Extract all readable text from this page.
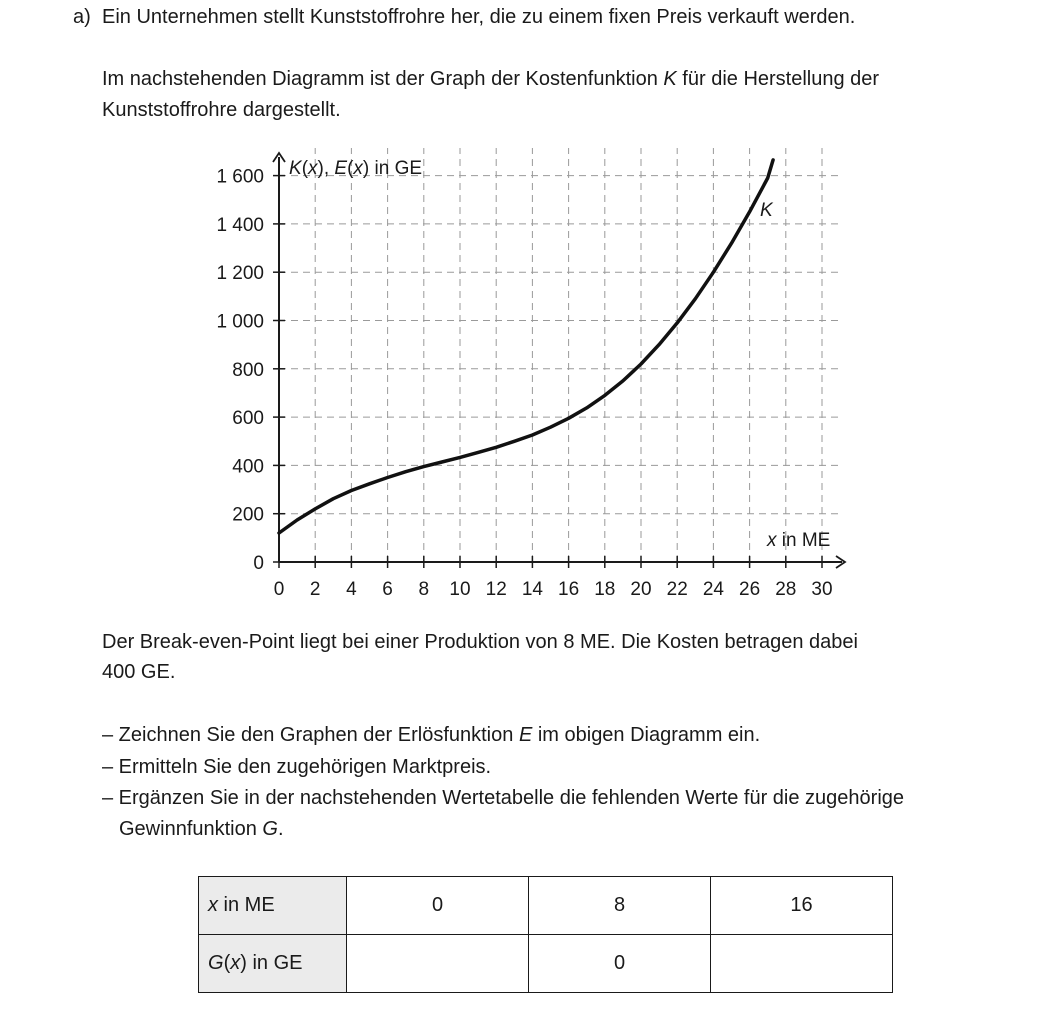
a) Ein Unternehmen stellt Kunststoffrohre her, die zu einem fixen Preis verkauft werden.
Im nachstehenden Diagramm ist der Graph der Kostenfunktion K für die Herstellung der
Kunststoffrohre dargestellt.
0 2 4 6 8 10 12 14 16 18 20 22 24 26 28 30
0
200
400
600
800
1 000
1 200
1 400
1 600
K
K(x), E(x) in GE
x in ME
Der Break-even-Point liegt bei einer Produktion von 8 ME. Die Kosten betragen dabei
400 GE.
– Zeichnen Sie den Graphen der Erlösfunktion E im obigen Diagramm ein.
– Ermitteln Sie den zugehörigen Marktpreis.
– Ergänzen Sie in der nachstehenden Wertetabelle die fehlenden Werte für die zugehörige
Gewinnfunktion G.
x in ME	0	8	16
G(x) in GE		0	
